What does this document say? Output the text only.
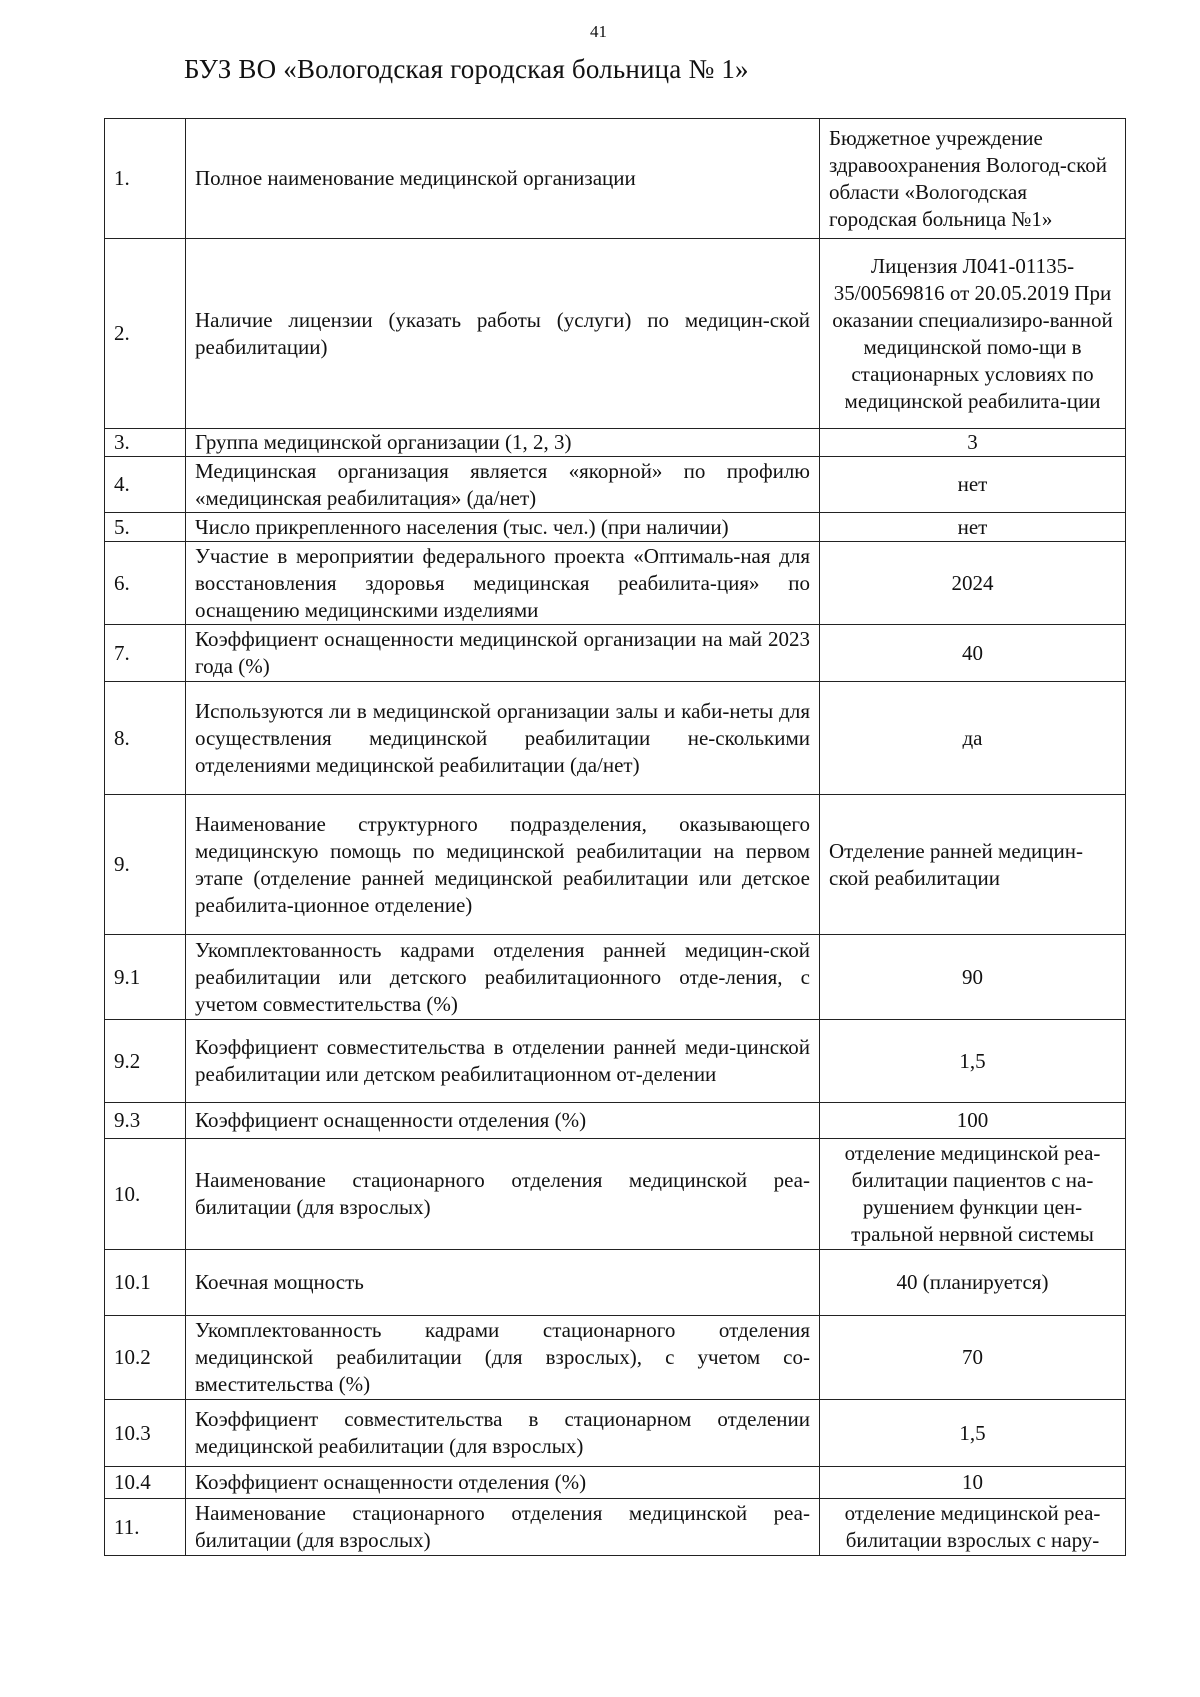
41
БУЗ ВО «Вологодская городская больница № 1»
1.	Полное наименование медицинской организации	Бюджетное учреждение здравоохранения Вологод-ской области «Вологодская городская больница №1»
2.	Наличие лицензии (указать работы (услуги) по медицин-ской реабилитации)	Лицензия Л041-01135-35/00569816 от 20.05.2019 При оказании специализиро-ванной медицинской помо-щи в стационарных условиях по медицинской реабилита-ции
3.	Группа медицинской организации (1, 2, 3)	3
4.	Медицинская организация является «якорной» по профилю «медицинская реабилитация» (да/нет)	нет
5.	Число прикрепленного населения (тыс. чел.) (при наличии)	нет
6.	Участие в мероприятии федерального проекта «Оптималь-ная для восстановления здоровья медицинская реабилита-ция» по оснащению медицинскими изделиями	2024
7.	Коэффициент оснащенности медицинской организации на май 2023 года (%)	40
8.	Используются ли в медицинской организации залы и каби-неты для осуществления медицинской реабилитации не-сколькими отделениями медицинской реабилитации (да/нет)	да
9.	Наименование структурного подразделения, оказывающего медицинскую помощь по медицинской реабилитации на первом этапе (отделение ранней медицинской реабилитации или детское реабилита-ционное отделение)	Отделение ранней медицин-ской реабилитации
9.1	Укомплектованность кадрами отделения ранней медицин-ской реабилитации или детского реабилитационного отде-ления, с учетом совместительства (%)	90
9.2	Коэффициент совместительства в отделении ранней меди-цинской реабилитации или детском реабилитационном от-делении	1,5
9.3	Коэффициент оснащенности отделения (%)	100
10.	Наименование стационарного отделения медицинской реа-билитации (для взрослых)	отделение медицинской реа-билитации пациентов с на-рушением функции цен-тральной нервной системы
10.1	Коечная мощность	40 (планируется)
10.2	Укомплектованность кадрами стационарного отделения медицинской реабилитации (для взрослых), с учетом со-вместительства (%)	70
10.3	Коэффициент совместительства в стационарном отделении медицинской реабилитации (для взрослых)	1,5
10.4	Коэффициент оснащенности отделения (%)	10
11.	Наименование стационарного отделения медицинской реа-билитации (для взрослых)	отделение медицинской реа-билитации взрослых с нару-
